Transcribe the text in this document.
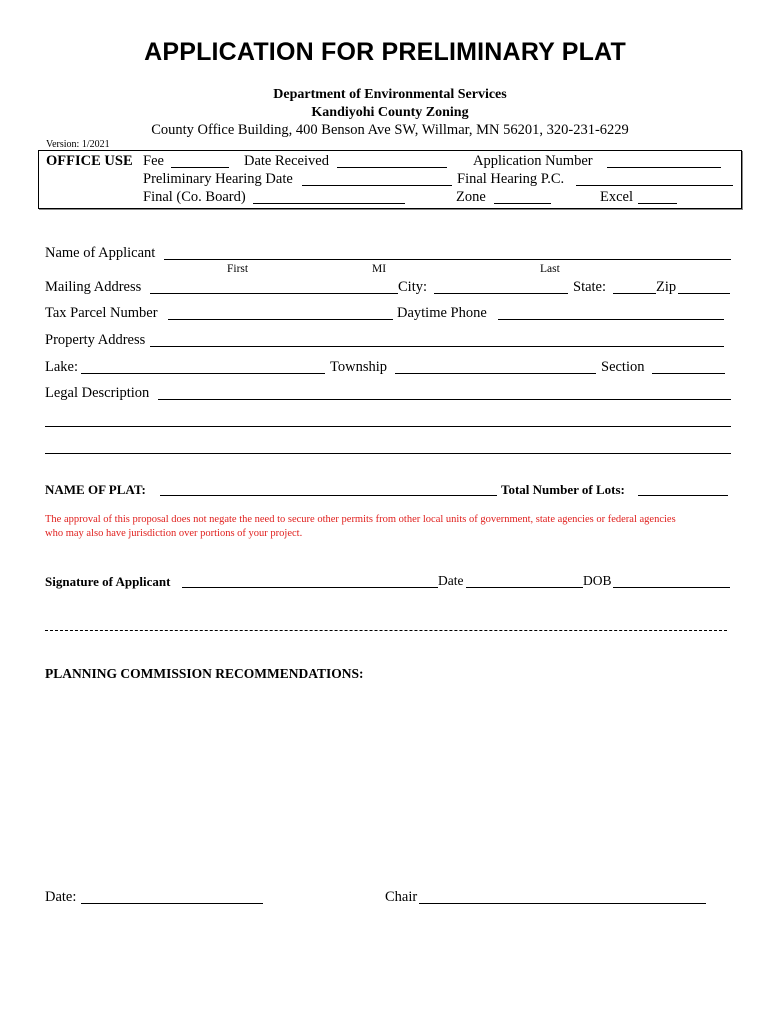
APPLICATION FOR PRELIMINARY PLAT
Department of Environmental Services
Kandiyohi County Zoning
County Office Building, 400 Benson Ave SW, Willmar, MN 56201, 320-231-6229
Version: 1/2021
OFFICE USE Fee	Date Received	Application Number
Preliminary Hearing Date	Final Hearing P.C.
Final (Co. Board)	Zone	Excel
Name of Applicant
First	MI	Last
Mailing Address	City:	State:	Zip
Tax Parcel Number	Daytime Phone
Property Address
Lake:	Township	Section
Legal Description
NAME OF PLAT:	Total Number of Lots:
The approval of this proposal does not negate the need to secure other permits from other local units of government, state agencies or federal agencies
who may also have jurisdiction over portions of your project.
Signature of Applicant	Date	DOB
PLANNING COMMISSION RECOMMENDATIONS:
Date:	Chair
